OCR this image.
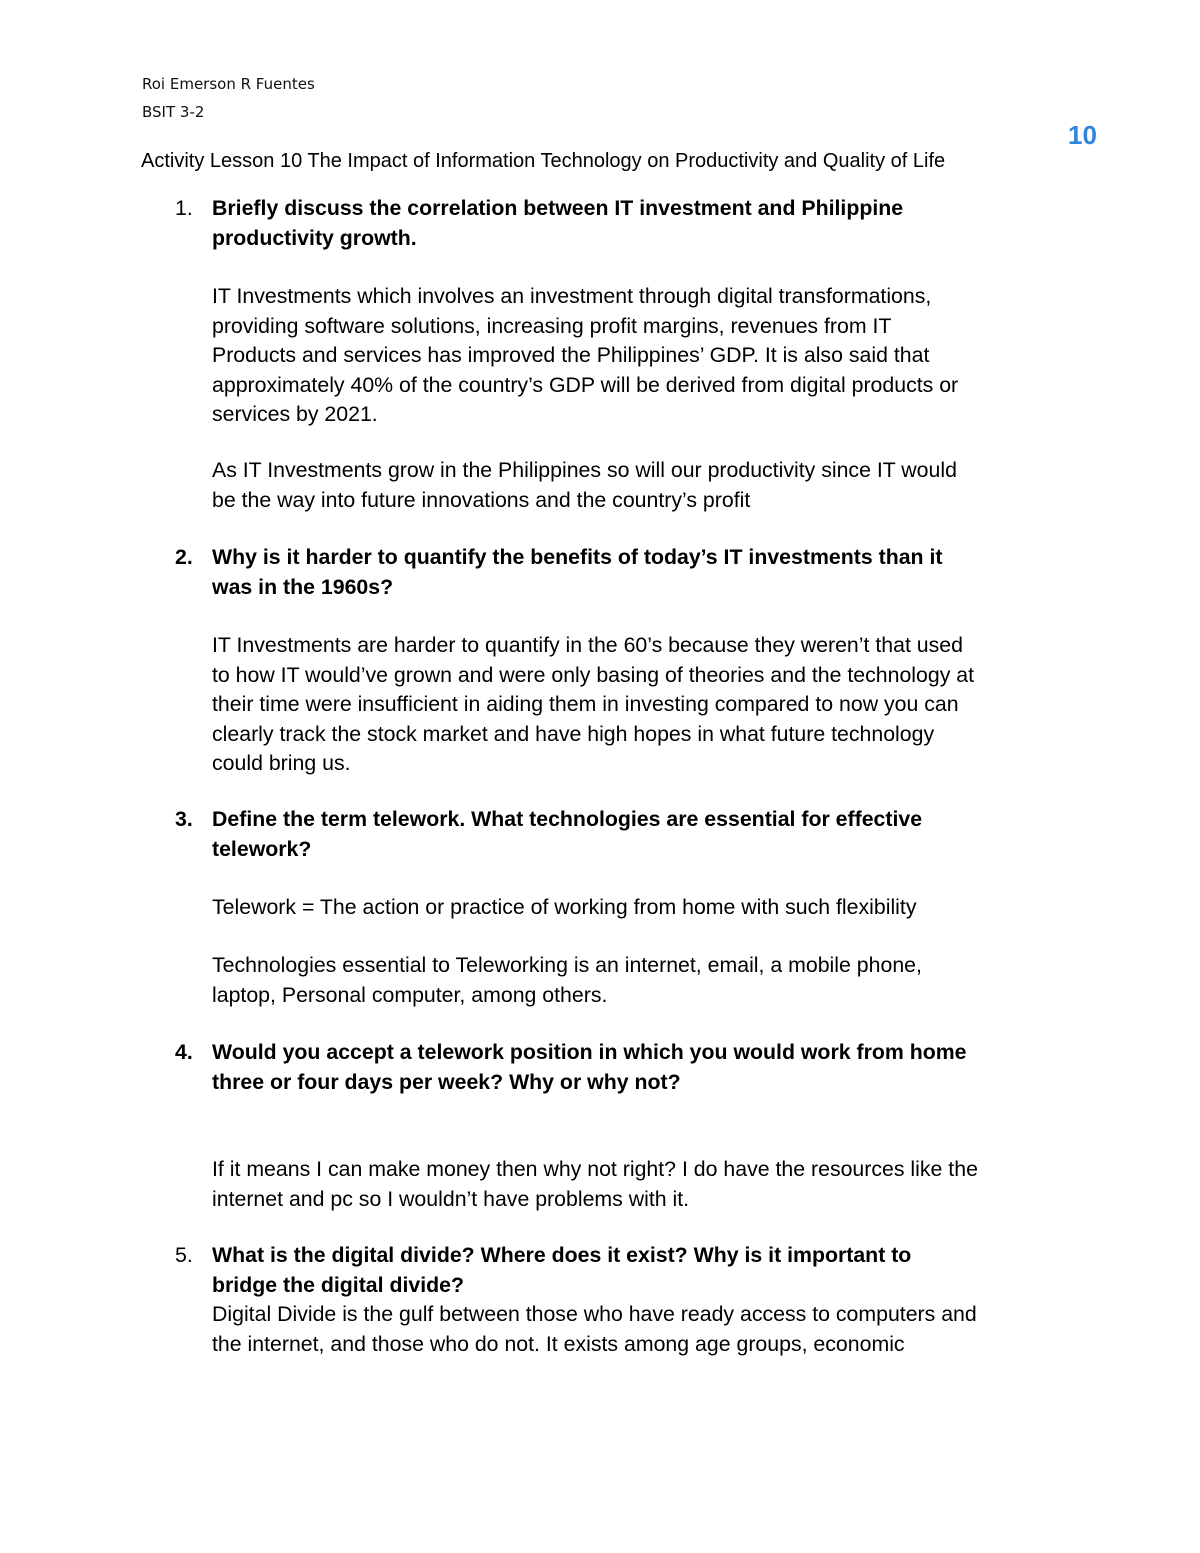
Roi Emerson R Fuentes
BSIT 3-2
10
Activity Lesson 10 The Impact of Information Technology on Productivity and Quality of Life
1. Briefly discuss the correlation between IT investment and Philippine
productivity growth.
IT Investments which involves an investment through digital transformations,
providing software solutions, increasing profit margins, revenues from IT
Products and services has improved the Philippines’ GDP. It is also said that
approximately 40% of the country’s GDP will be derived from digital products or
services by 2021.
As IT Investments grow in the Philippines so will our productivity since IT would
be the way into future innovations and the country’s profit
2. Why is it harder to quantify the benefits of today’s IT investments than it
was in the 1960s?
IT Investments are harder to quantify in the 60’s because they weren’t that used
to how IT would’ve grown and were only basing of theories and the technology at
their time were insufficient in aiding them in investing compared to now you can
clearly track the stock market and have high hopes in what future technology
could bring us.
3. Define the term telework. What technologies are essential for effective
telework?
Telework = The action or practice of working from home with such flexibility
Technologies essential to Teleworking is an internet, email, a mobile phone,
laptop, Personal computer, among others.
4. Would you accept a telework position in which you would work from home
three or four days per week? Why or why not?
If it means I can make money then why not right? I do have the resources like the
internet and pc so I wouldn’t have problems with it.
5. What is the digital divide? Where does it exist? Why is it important to
bridge the digital divide?
Digital Divide is the gulf between those who have ready access to computers and
the internet, and those who do not. It exists among age groups, economic
